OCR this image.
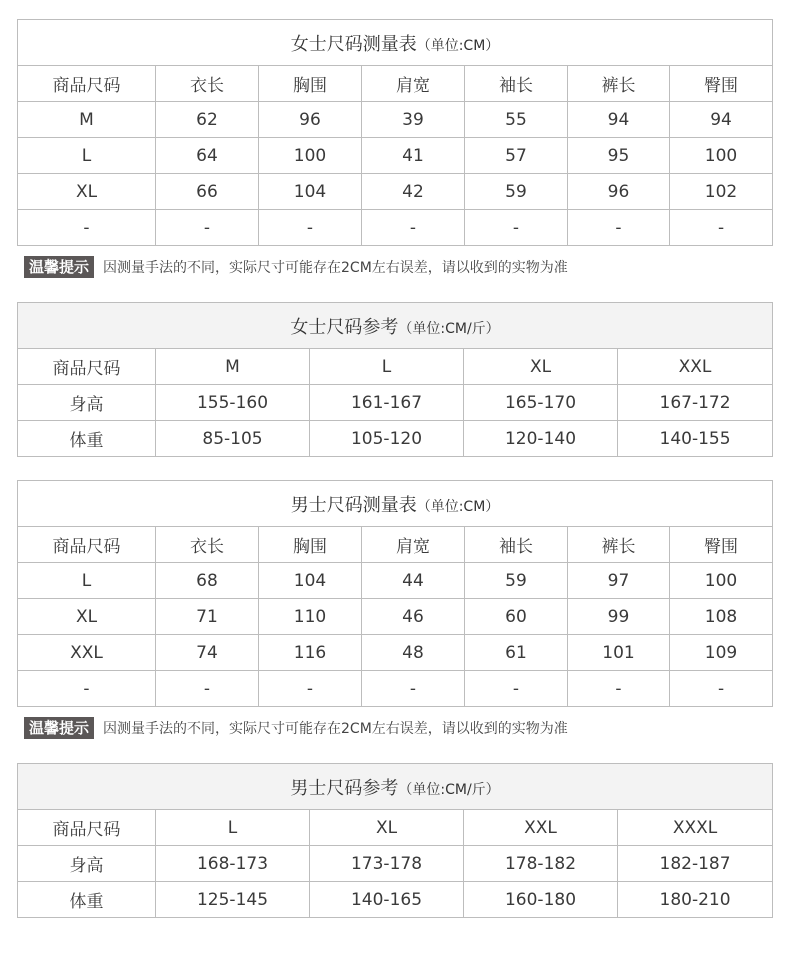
女士尺码测量表（单位:CM）						
商品尺码	衣长	胸围	肩宽	袖长	裤长	臀围
M	62	96	39	55	94	94
L	64	100	41	57	95	100
XL	66	104	42	59	96	102
-	-	-	-	-	-	-
温馨提示	因测量手法的不同，实际尺寸可能存在2CM左右误差，请以收到的实物为准
女士尺码参考（单位:CM/斤）				
商品尺码	M	L	XL	XXL
身高	155-160	161-167	165-170	167-172
体重	85-105	105-120	120-140	140-155
男士尺码测量表（单位:CM）						
商品尺码	衣长	胸围	肩宽	袖长	裤长	臀围
L	68	104	44	59	97	100
XL	71	110	46	60	99	108
XXL	74	116	48	61	101	109
-	-	-	-	-	-	-
温馨提示	因测量手法的不同，实际尺寸可能存在2CM左右误差，请以收到的实物为准
男士尺码参考（单位:CM/斤）				
商品尺码	L	XL	XXL	XXXL
身高	168-173	173-178	178-182	182-187
体重	125-145	140-165	160-180	180-210
